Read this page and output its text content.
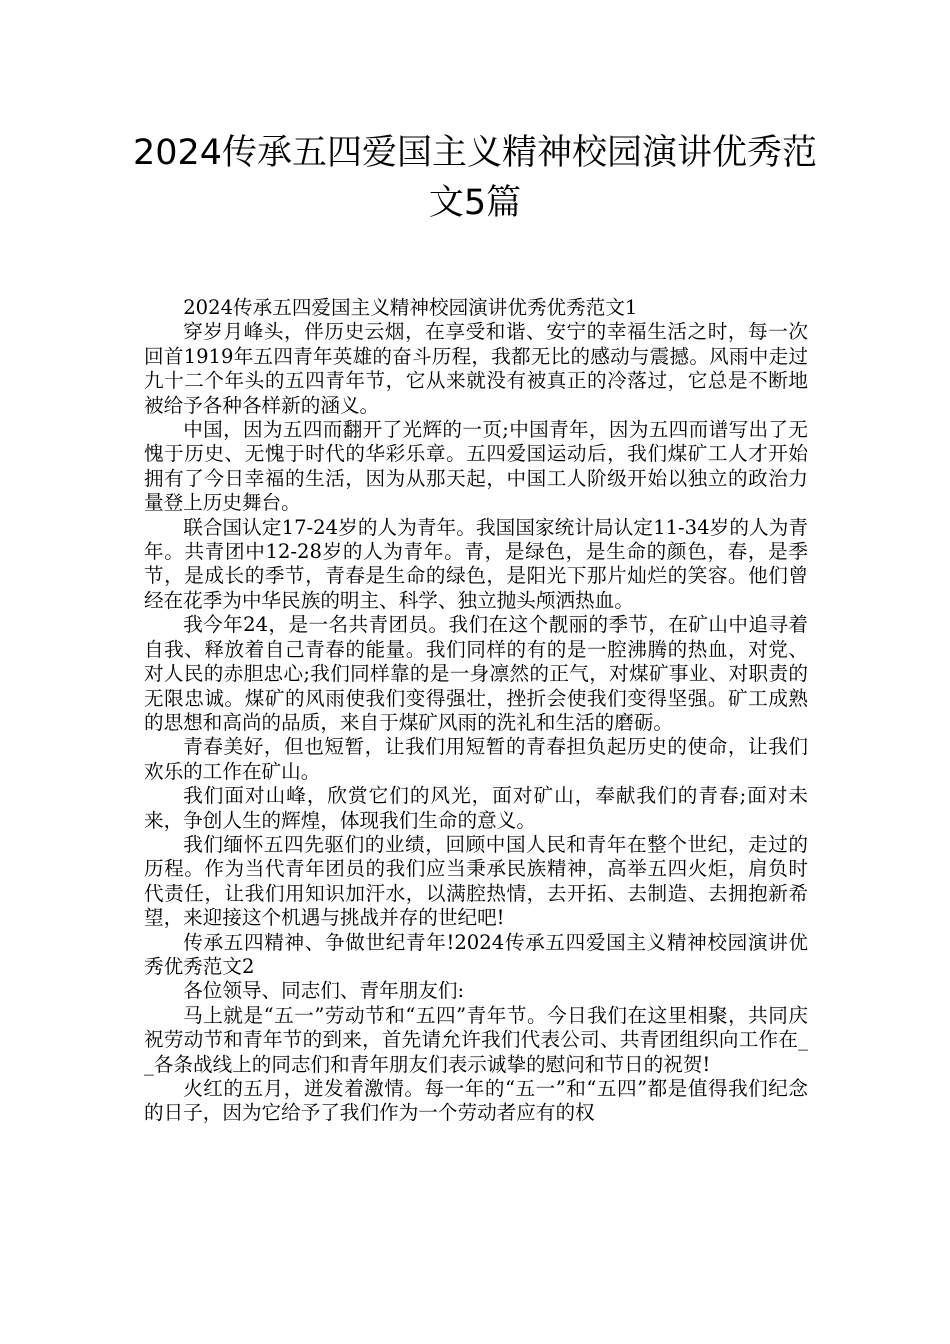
2024传承五四爱国主义精神校园演讲优秀范文5篇

2024传承五四爱国主义精神校园演讲优秀优秀范文1

穿岁月峰头，伴历史云烟，在享受和谐、安宁的幸福生活之时，每一次回首1919年五四青年英雄的奋斗历程，我都无比的感动与震撼。风雨中走过九十二个年头的五四青年节，它从来就没有被真正的冷落过，它总是不断地被给予各种各样新的涵义。

中国，因为五四而翻开了光辉的一页;中国青年，因为五四而谱写出了无愧于历史、无愧于时代的华彩乐章。五四爱国运动后，我们煤矿工人才开始拥有了今日幸福的生活，因为从那天起，中国工人阶级开始以独立的政治力量登上历史舞台。

联合国认定17-24岁的人为青年。我国国家统计局认定11-34岁的人为青年。共青团中12-28岁的人为青年。青，是绿色，是生命的颜色，春，是季节，是成长的季节，青春是生命的绿色，是阳光下那片灿烂的笑容。他们曾经在花季为中华民族的明主、科学、独立抛头颅洒热血。

我今年24，是一名共青团员。我们在这个靓丽的季节，在矿山中追寻着自我、释放着自己青春的能量。我们同样的有的是一腔沸腾的热血，对党、对人民的赤胆忠心;我们同样靠的是一身凛然的正气，对煤矿事业、对职责的无限忠诚。煤矿的风雨使我们变得强壮，挫折会使我们变得坚强。矿工成熟的思想和高尚的品质，来自于煤矿风雨的洗礼和生活的磨砺。

青春美好，但也短暂，让我们用短暂的青春担负起历史的使命，让我们欢乐的工作在矿山。

我们面对山峰，欣赏它们的风光，面对矿山，奉献我们的青春;面对未来，争创人生的辉煌，体现我们生命的意义。

我们缅怀五四先驱们的业绩，回顾中国人民和青年在整个世纪，走过的历程。作为当代青年团员的我们应当秉承民族精神，高举五四火炬，肩负时代责任，让我们用知识加汗水，以满腔热情，去开拓、去制造、去拥抱新希望，来迎接这个机遇与挑战并存的世纪吧!

传承五四精神、争做世纪青年!2024传承五四爱国主义精神校园演讲优秀优秀范文2

各位领导、同志们、青年朋友们:

马上就是“五一”劳动节和“五四”青年节。今日我们在这里相聚，共同庆祝劳动节和青年节的到来，首先请允许我们代表公司、共青团组织向工作在__各条战线上的同志们和青年朋友们表示诚挚的慰问和节日的祝贺!

火红的五月，迸发着激情。每一年的“五一”和“五四”都是值得我们纪念的日子，因为它给予了我们作为一个劳动者应有的权
